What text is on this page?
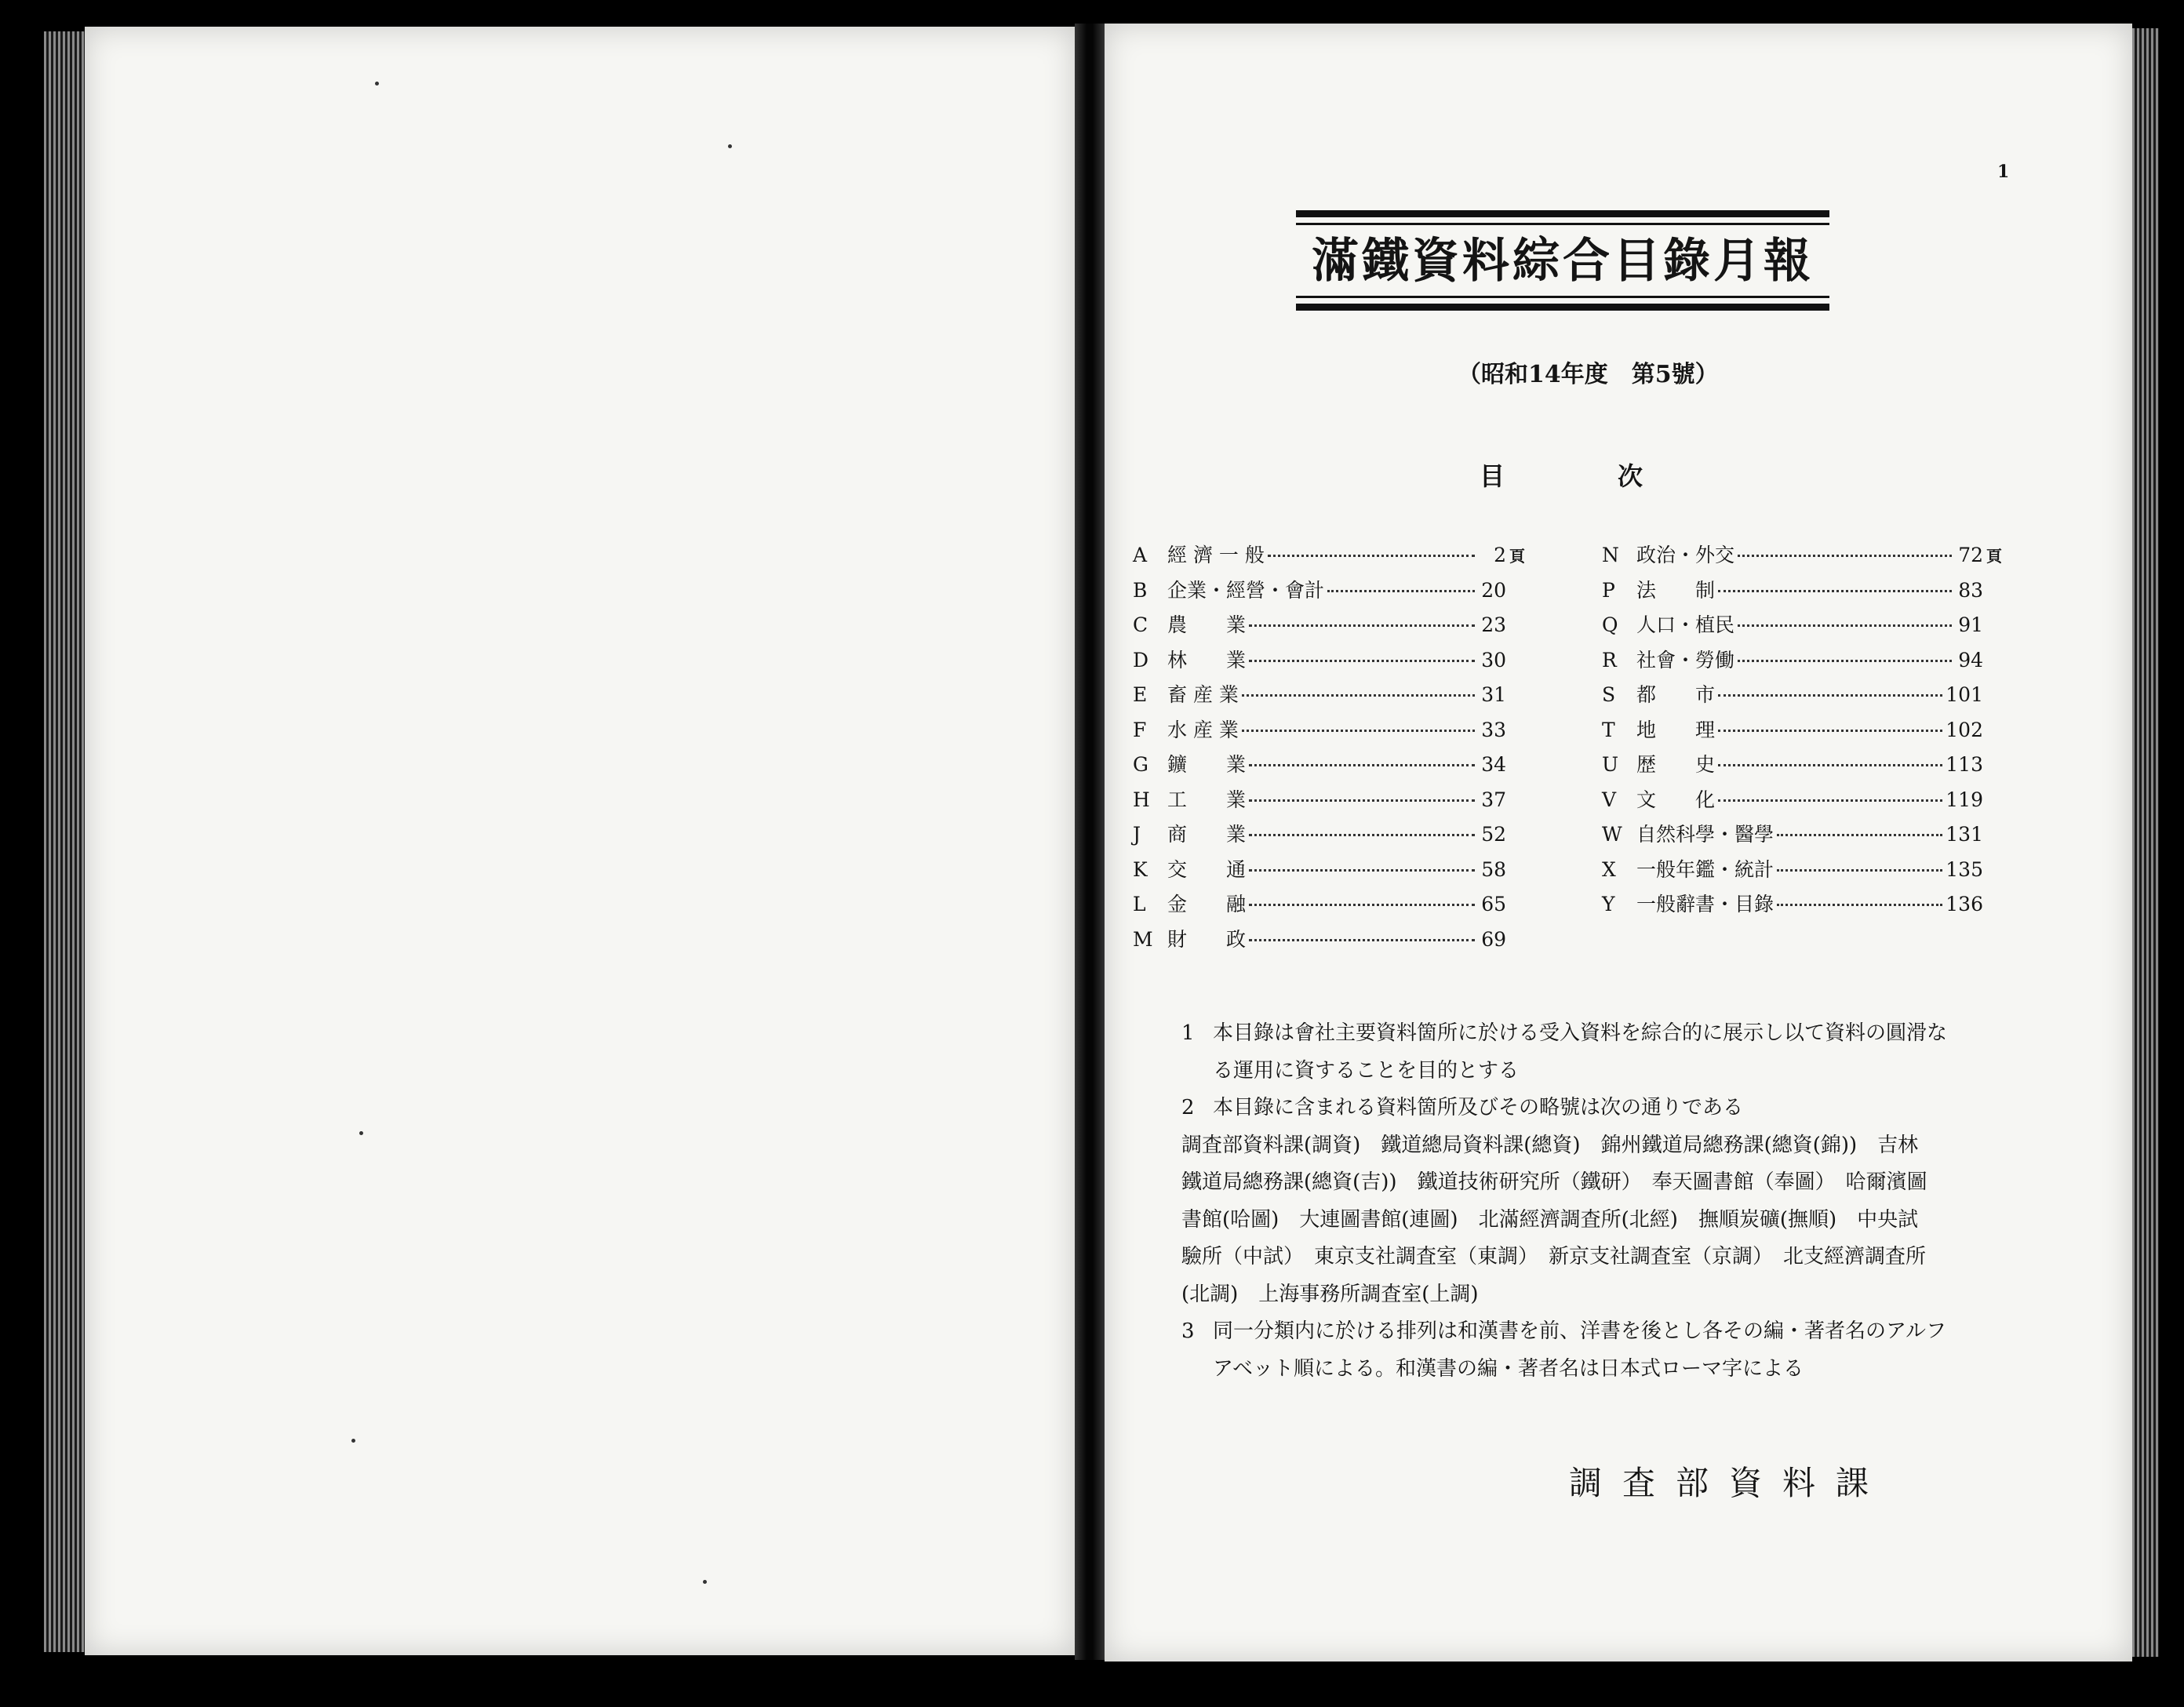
1
滿鐵資料綜合目錄月報
（昭和14年度　第5號）
目	次
A	經 濟 一 般	2 頁
B	企業・經營・會計	20
C 農　　業	23
D 林　　業	30
E	畜 産 業	31
F	水 産 業	33
G 鑛　　業	34
H 工　　業	37
J	商　　業	52
K	交　　通	58
L	金　　融	65
M 財　　政	69
N 政治・外交	72 頁
P	法　　制	83
Q 人口・植民	91
R	社會・勞働	94
S	都　　市	101
T	地　　理	102
U 歴　　史	113
V	文　　化	119
W 自然科學・醫學	131
X	一般年鑑・統計	135
Y	一般辭書・目錄	136
1 本目錄は會社主要資料箇所に於ける受入資料を綜合的に展示し以て資料の圓滑な
る運用に資することを目的とする
2 本目錄に含まれる資料箇所及びその略號は次の通りである
調査部資料課(調資)　鐵道總局資料課(總資)　錦州鐵道局總務課(總資(錦))　吉林
鐵道局總務課(總資(吉))　鐵道技術研究所（鐵研）　奉天圖書館（奉圖）　哈爾濱圖
書館(哈圖)　大連圖書館(連圖)　北滿經濟調査所(北經)　撫順炭礦(撫順)　中央試
驗所（中試）　東京支社調査室（東調）　新京支社調査室（京調）　北支經濟調査所
(北調)　上海事務所調査室(上調)
3 同一分類内に於ける排列は和漢書を前、洋書を後とし各その編・著者名のアルフ
アベット順による。和漢書の編・著者名は日本式ローマ字による
調査部資料課
